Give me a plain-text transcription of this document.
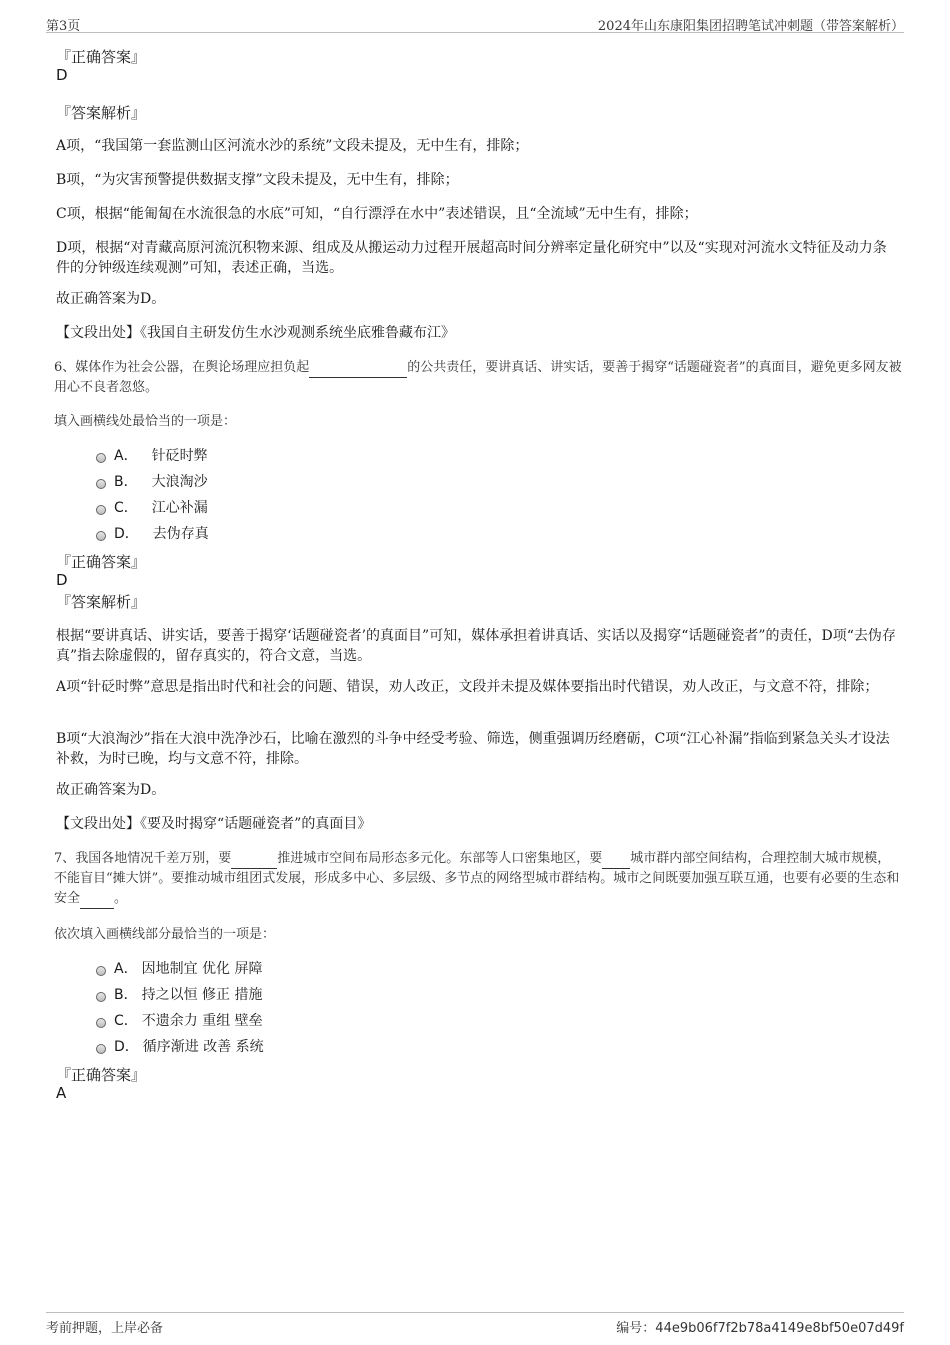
第3页	2024年山东康阳集团招聘笔试冲刺题（带答案解析）
『正确答案』
D
『答案解析』

A项，“我国第一套监测山区河流水沙的系统”文段未提及，无中生有，排除；

B项，“为灾害预警提供数据支撑”文段未提及，无中生有，排除；

C项，根据“能匍匐在水流很急的水底”可知，“自行漂浮在水中”表述错误，且“全流域”无中生有，排除；

D项，根据“对青藏高原河流沉积物来源、组成及从搬运动力过程开展超高时间分辨率定量化研究中”以及“实现对河流水文特征及动力条件的分钟级连续观测”可知，表述正确，当选。

故正确答案为D。

【文段出处】《我国自主研发仿生水沙观测系统坐底雅鲁藏布江》

6、媒体作为社会公器，在舆论场理应担负起	的公共责任，要讲真话、讲实话，要善于揭穿“话题碰瓷者”的真面目，避免更多网友被用心不良者忽悠。

填入画横线处最恰当的一项是：

A． 针砭时弊
B． 大浪淘沙
C． 江心补漏
D． 去伪存真
『正确答案』
D
『答案解析』

根据“要讲真话、讲实话，要善于揭穿‘话题碰瓷者’的真面目”可知，媒体承担着讲真话、实话以及揭穿“话题碰瓷者”的责任，D项“去伪存真”指去除虚假的，留存真实的，符合文意，当选。

A项“针砭时弊”意思是指出时代和社会的问题、错误，劝人改正，文段并未提及媒体要指出时代错误，劝人改正，与文意不符，排除；

B项“大浪淘沙”指在大浪中洗净沙石，比喻在激烈的斗争中经受考验、筛选，侧重强调历经磨砺，C项“江心补漏”指临到紧急关头才设法补救，为时已晚，均与文意不符，排除。

故正确答案为D。

【文段出处】《要及时揭穿“话题碰瓷者”的真面目》

7、我国各地情况千差万别，要	推进城市空间布局形态多元化。东部等人口密集地区，要 城市群内部空间结构，合理控制大城市规模，不能盲目“摊大饼”。要推动城市组团式发展，形成多中心、多层级、多节点的网络型城市群结构。城市之间既要加强互联互通，也要有必要的生态和安全	。

依次填入画横线部分最恰当的一项是：

A． 因地制宜 优化 屏障
B． 持之以恒 修正 措施
C． 不遗余力 重组 壁垒
D． 循序渐进 改善 系统
『正确答案』
A
考前押题，上岸必备	编号：44e9b06f7f2b78a4149e8bf50e07d49f
